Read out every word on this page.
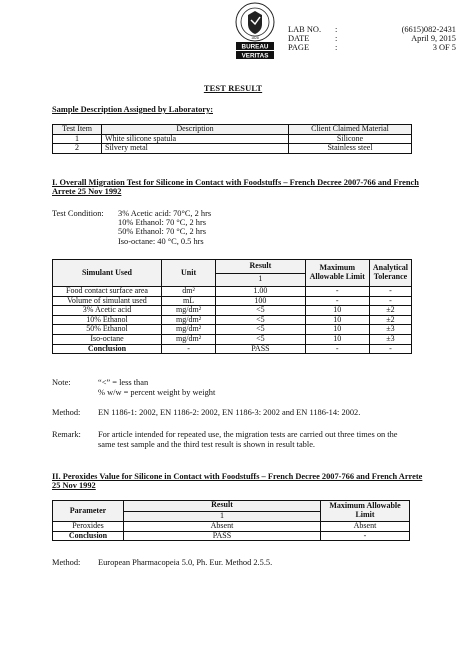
BUREAU
VERITAS
1828
LAB NO.
DATE
PAGE
:
:
:
(6615)082-2431
April 9, 2015
3 OF 5
TEST RESULT
Sample Description Assigned by Laboratory:
Test Item	Description	Client Claimed Material
1	White silicone spatula	Silicone
2	Silvery metal	Stainless steel
I. Overall Migration Test for Silicone in Contact with Foodstuffs – French Decree 2007-766 and French
Arrete 25 Nov 1992
Test Condition: 3% Acetic acid: 70°C, 2 hrs
10% Ethanol: 70 °C, 2 hrs
50% Ethanol: 70 °C, 2 hrs
Iso-octane: 40 °C, 0.5 hrs
Simulant Used	Unit	Result	Maximum Allowable Limit	Analytical Tolerance
		1		
Food contact surface area	dm²	1.00	-	-
Volume of simulant used	mL	100	-	-
3% Acetic acid	mg/dm²	<5	10	±2
10% Ethanol	mg/dm²	<5	10	±2
50% Ethanol	mg/dm²	<5	10	±3
Iso-octane	mg/dm²	<5	10	±3
Conclusion	-	PASS	-	-
Note:	“<” = less than
% w/w = percent weight by weight
Method: EN 1186-1: 2002, EN 1186-2: 2002, EN 1186-3: 2002 and EN 1186-14: 2002.
Remark: For article intended for repeated use, the migration tests are carried out three times on the
same test sample and the third test result is shown in result table.
II. Peroxides Value for Silicone in Contact with Foodstuffs – French Decree 2007-766 and French Arrete
25 Nov 1992
Parameter	Result	Maximum Allowable Limit
	1	
Peroxides	Absent	Absent
Conclusion	PASS	-
Method: European Pharmacopeia 5.0, Ph. Eur. Method 2.5.5.
